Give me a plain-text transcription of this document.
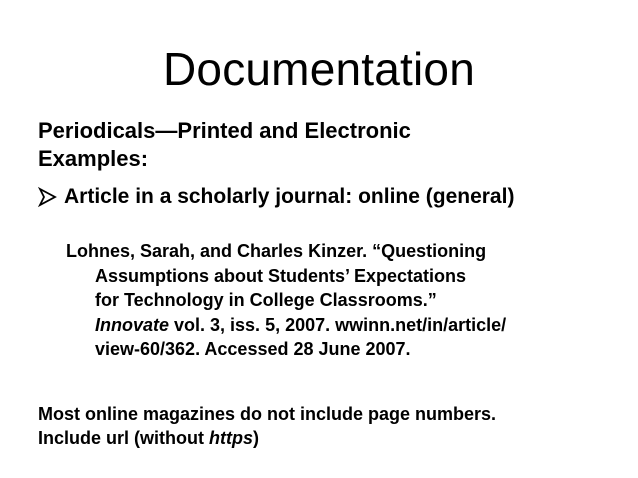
Documentation
Periodicals—Printed and Electronic
Examples:
Article in a scholarly journal: online (general)
Lohnes, Sarah, and Charles Kinzer. “Questioning
Assumptions about Students’ Expectations
for Technology in College Classrooms.”
Innovate vol. 3, iss. 5, 2007. wwinn.net/in/article/
view-60/362. Accessed 28 June 2007.
Most online magazines do not include page numbers.
Include url (without https)
